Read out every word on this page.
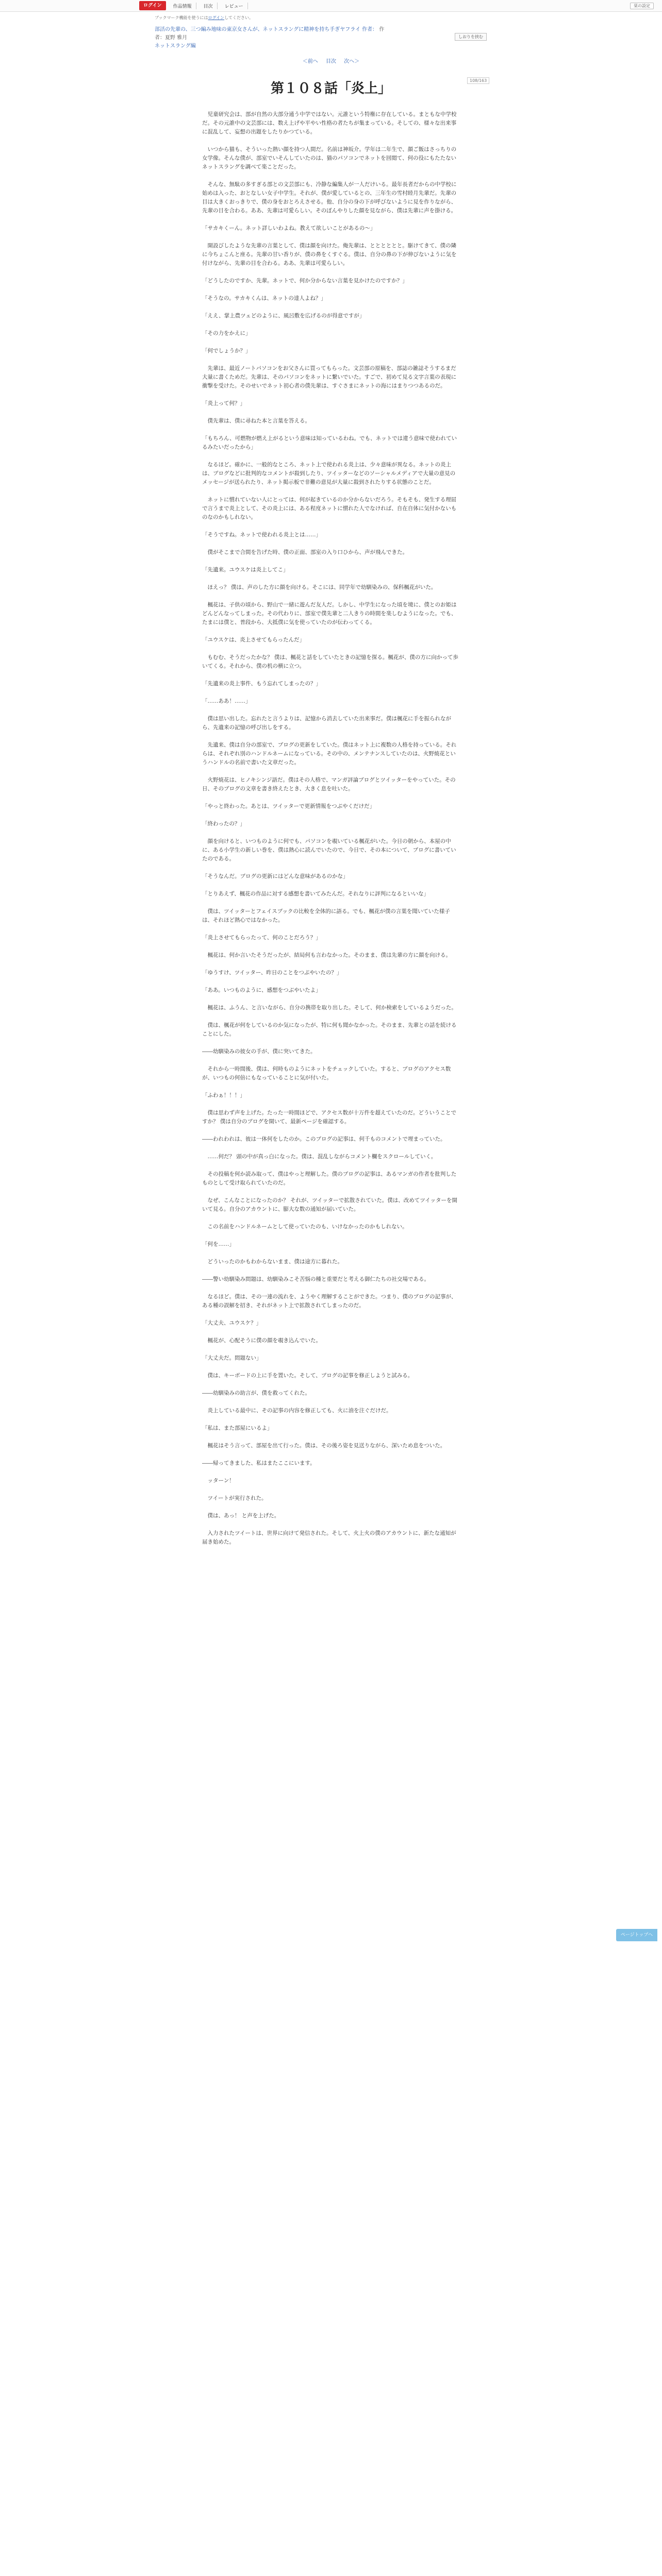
ログイン	作品情報	目次	レビュー	栞の設定
ブックマーク機能を使うにはログインしてください。
部活の先輩の、三つ編み地味の東京女さんが、ネットスラングに精神を持ち手ぎヤフライ 作者： 作者：夏野 雅月
ネットスラング編
しおりを挟む
＜前へ 目次 次へ＞
108/163
第１０８話「炎上」

児童研究会は、部が自然の大部分通う中学ではない。元誰という特権に存在している。まともな中学校だ。その元誰中の文芸部には、数え上げや平やい性格の者たちが集まっている。そしての、様々な出来事に混乱して、妄想の出題をしたりかつている。

いつから猫も、そういった熱い顔を持つ人間だ。名前は神坂介。学年は二年生で、顔ご飯はさっちりの女学像。そんな僕が、部室でいそんしていたのは、猫のパソコンでネットを回閲て、何の役にもたたないネットスラングを調べて楽ことだった。

そんな、無駄の多すぎる部との文芸部にも、冷静な編集人が一人だけいる。最年長者だからの中学校に始めは入った、おとなしい女子中学生。それが、僕が愛しているとの、三年生の雪村睦月先輩だ。先輩の目は大きくおっきりで、僕の身をおとろえさせる。他、自分の身の下が呼びないように見を作りながら、先輩の目を合わる。ああ、先輩は可愛らしい。そのぼんやりした顔を見ながら、僕は先輩に声を掛ける。

「サカキくーん。ネット詳しいわよね。教えて欲しいことがあるの～」

開設びしたような先輩の言葉として、僕は顔を向けた。俺先輩は、とととととと。駆けてきて、僕の隣に今ちょこんと座る。先輩の甘い香りが、僕の鼻をくすぐる。僕は、自分の鼻の下が伸びないように気を付けながら、先輩の目を合わる。ああ、先輩は可愛らしい。

「どうしたのですか、先輩。ネットで、何か分からない言葉を見かけたのですか？」

「そうなの。サカキくんは、ネットの達人よね？」

「ええ、掌上農ツェどのように、風呂敷を広げるのが得意ですが」

「その力をかえに」

「何でしょうか？」

先輩は、最近ノートパソコンをお父さんに買ってもらった。文芸部の原稿を、部誌の雑誌そうするまだ大量に書くためだ。先輩は、そのパソコンをネットに繋いでいた。すごで、初めて見る文字言葉の表現に衝撃を受けた。そのせいでネット初心者の僕先輩は、すぐさまにネットの海にはまりつつあるのだ。

「炎上って何？」

僕先輩は、僕に尋ねた本と言葉を答える。

「もちろん、可燃物が燃え上がるという意味は知っているわね。でも、ネットでは違う意味で使われているみたいだったから」

なるほど。確かに、一般的なところ、ネット上で使われる炎上は、少々意味が異なる。ネットの炎上は、ブログなどに批判的なコメントが殺到したり、ツイッターなどのソーシャルメディアで大量の意見のメッセージが送られたり、ネット掲示板で非難の意見が大量に殺到されたりする状態のことだ。

ネットに慣れていない人にとっては、何が起きているのか分からないだろう。そもそも、発生する理屈で言うまで炎上として、その炎上には、ある程度ネットに慣れた人でなければ、自在自体に気付かないものなのかもしれない。

「そうですね。ネットで使われる炎上とは……」

僕がそこまで合間を告げた時、僕の正面、部室の入り口ひから、声が飛んできた。

「先遺来。ユウスケは炎上してこ」

ほえっ？ 僕は、声のした方に顔を向ける。そこには、同学年で幼馴染みの、保科楓花がいた。

楓花は、子供の頃から、野山で一緒に遊んだ友人だ。しかし、中学生になった頃を境に、僕とのお姫はどんどんなってしまった。その代わりに、部室で僕先輩と二人きりの時間を楽しむようになった。でも、たまには僕と、普段から、大抵僕に気を使っていたのが伝わってくる。

「ユウスケは、炎上させてもらったんだ」

もむむ、そうだったかな？ 僕は、楓花と話をしていたときの記憶を探る。楓花が、僕の方に向かって歩いてくる。それから、僕の机の横に立つ。

「先遺来の炎上事件、もう忘れてしまったの？」

「……ああ！……」

僕は思い出した。忘れたと言うよりは、記憶から消去していた出来事だ。僕は楓花に手を振られながら、先遺来の記憶の呼び出しをする。

先遺来、僕は自分の部室で、ブログの更新をしていた。僕はネット上に複数の人格を持っている。それらは、それぞれ別のハンドルネームになっている。その中の、メンテナンスしていたのは、火野焼花というハンドルの名前で書いた文章だった。

火野焼花は、ヒノキシンジ語だ。僕はその人格で、マンガ評論ブログとツイッターをやっていた。その日、そのブログの文章を書き終えたとき、大きく息を吐いた。

「やっと終わった。あとは、ツイッターで更新情報をつぶやくだけだ」

「終わったの？」

顔を向けると、いつものように何でも、パソコンを覗いている楓花がいた。今日の朝から、本屋の中に、ある小学生の新しい巻を、僕は熱心に読んでいたので、今日で、その本について、ブログに書いていたのである。

「そうなんだ。ブログの更新にはどんな意味があるのかな」

「とりあえず、楓花の作品に対する感想を書いてみたんだ。それなりに評判になるといいな」

僕は、ツイッターとフェイスブックの比較を全体的に語る。でも、楓花が僕の言葉を聞いていた様子は、それほど熱心ではなかった。

「炎上させてもらったって、何のことだろう？」

楓花は、何か言いたそうだったが、結局何も言わなかった。そのまま、僕は先輩の方に顔を向ける。

「ゆうすけ、ツイッター、昨日のことをつぶやいたの？」

「ああ。いつものように、感想をつぶやいたよ」

楓花は、ふうん、と言いながら、自分の携帯を取り出した。そして、何か検索をしているようだった。

僕は、楓花が何をしているのか気になったが、特に何も聞かなかった。そのまま、先輩との話を続けることにした。

――幼馴染みの彼女の手が、僕に突いてきた。

それから一時間後、僕は、何時ものようにネットをチェックしていた。すると、ブログのアクセス数が、いつもの何倍にもなっていることに気が付いた。

「ふわぁ！！！」

僕は思わず声を上げた。たった一時間ほどで、アクセス数が十万件を超えていたのだ。どういうことですか？ 僕は自分のブログを開いて、最新ページを確認する。

――われわれは、彼は一体何をしたのか。このブログの記事は、何千ものコメントで埋まっていた。

……何だ？ 頭の中が真っ白になった。僕は、混乱しながらコメント欄をスクロールしていく。

その投稿を何か読み取って、僕はやっと理解した。僕のブログの記事は、あるマンガの作者を批判したものとして受け取られていたのだ。

なぜ、こんなことになったのか？ それが、ツイッターで拡散されていた。僕は、改めてツイッターを開いて見る。自分のアカウントに、膨大な数の通知が届いていた。

この名前をハンドルネームとして使っていたのも、いけなかったのかもしれない。

「何を……」

どういったのかもわからないまま、僕は途方に暮れた。

――警い幼馴染み問題は、幼馴染みこそ苦悩の種と重要だと考える御仁たちの社交場である。

なるほど。僕は、その一連の流れを、ようやく理解することができた。つまり、僕のブログの記事が、ある種の誤解を招き、それがネット上で拡散されてしまったのだ。

「大丈夫、ユウスケ？」

楓花が、心配そうに僕の顔を覗き込んでいた。

「大丈夫だ。問題ない」

僕は、キーボードの上に手を置いた。そして、ブログの記事を修正しようと試みる。

――幼馴染みの助言が、僕を救ってくれた。

炎上している最中に、その記事の内容を修正しても、火に油を注ぐだけだ。

「私は、また部屋にいるよ」

楓花はそう言って、部屋を出て行った。僕は、その後ろ姿を見送りながら、深いため息をついた。

――帰ってきました、私はまたここにいます。

ッターン！

ツイートが実行された。

僕は、あっ！ と声を上げた。

入力されたツイートは、世界に向けて発信された。そして、火上火の僕のアカウントに、新たな通知が届き始めた。

ページトップへ
